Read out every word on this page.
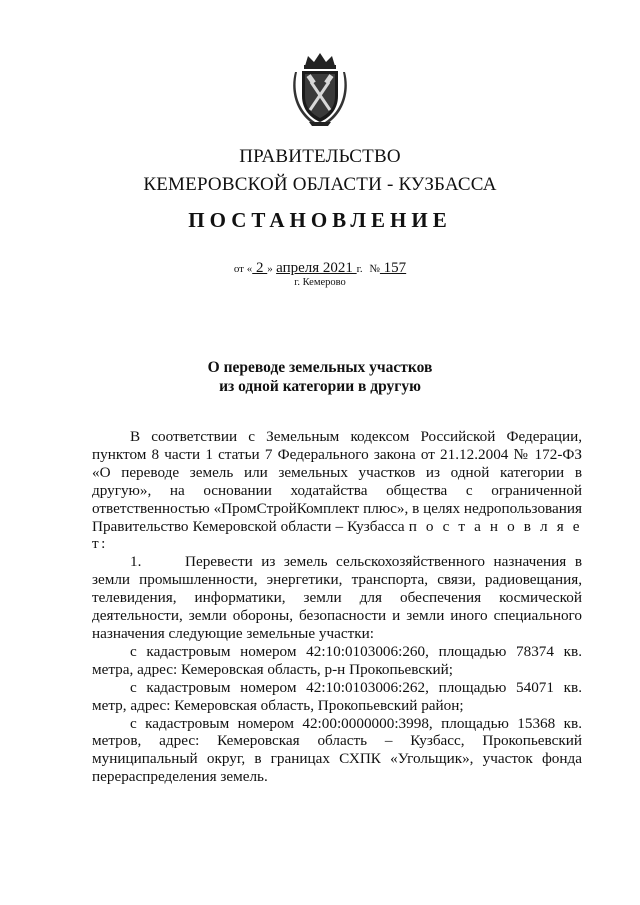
ПРАВИТЕЛЬСТВО
КЕМЕРОВСКОЙ ОБЛАСТИ - КУЗБАССА
ПОСТАНОВЛЕНИЕ
от « 2 » апреля 2021 г. № 157
г. Кемерово
О переводе земельных участков
из одной категории в другую

В соответствии с Земельным кодексом Российской Федерации, пунктом 8 части 1 статьи 7 Федерального закона от 21.12.2004 № 172-ФЗ «О переводе земель или земельных участков из одной категории в другую», на основании ходатайства общества с ограниченной ответственностью «ПромСтройКомплект плюс», в целях недропользования Правительство Кемеровской области – Кузбасса п о с т а н о в л я е т:

1.	Перевести из земель сельскохозяйственного назначения в земли промышленности, энергетики, транспорта, связи, радиовещания, телевидения, информатики, земли для обеспечения космической деятельности, земли обороны, безопасности и земли иного специального назначения следующие земельные участки:

с кадастровым номером 42:10:0103006:260, площадью 78374 кв. метра, адрес: Кемеровская область, р-н Прокопьевский;

с кадастровым номером 42:10:0103006:262, площадью 54071 кв. метр, адрес: Кемеровская область, Прокопьевский район;

с кадастровым номером 42:00:0000000:3998, площадью 15368 кв. метров, адрес: Кемеровская область – Кузбасс, Прокопьевский муниципальный округ, в границах СХПК «Угольщик», участок фонда перераспределения земель.
